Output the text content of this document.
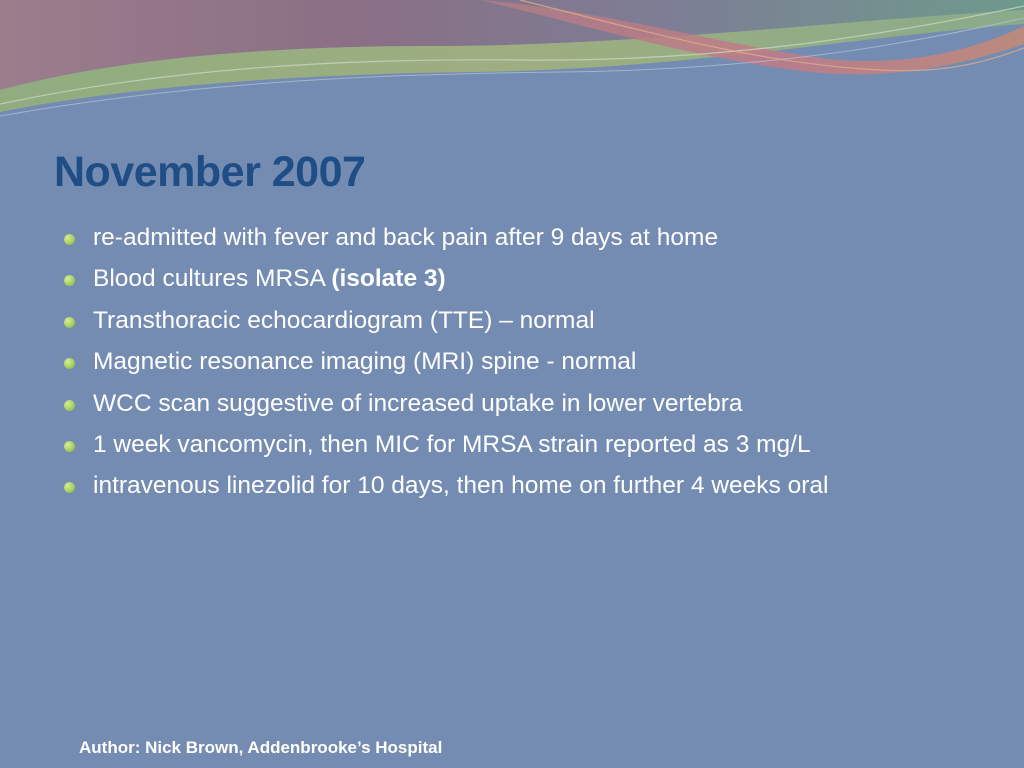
November 2007
re-admitted with fever and back pain after 9 days at home
Blood cultures MRSA (isolate 3)
Transthoracic echocardiogram (TTE) – normal
Magnetic resonance imaging (MRI) spine - normal
WCC scan suggestive of increased uptake in lower vertebra
1 week vancomycin, then MIC for MRSA strain reported as 3 mg/L
intravenous linezolid for 10 days, then home on further 4 weeks oral
Author: Nick Brown, Addenbrooke’s Hospital
